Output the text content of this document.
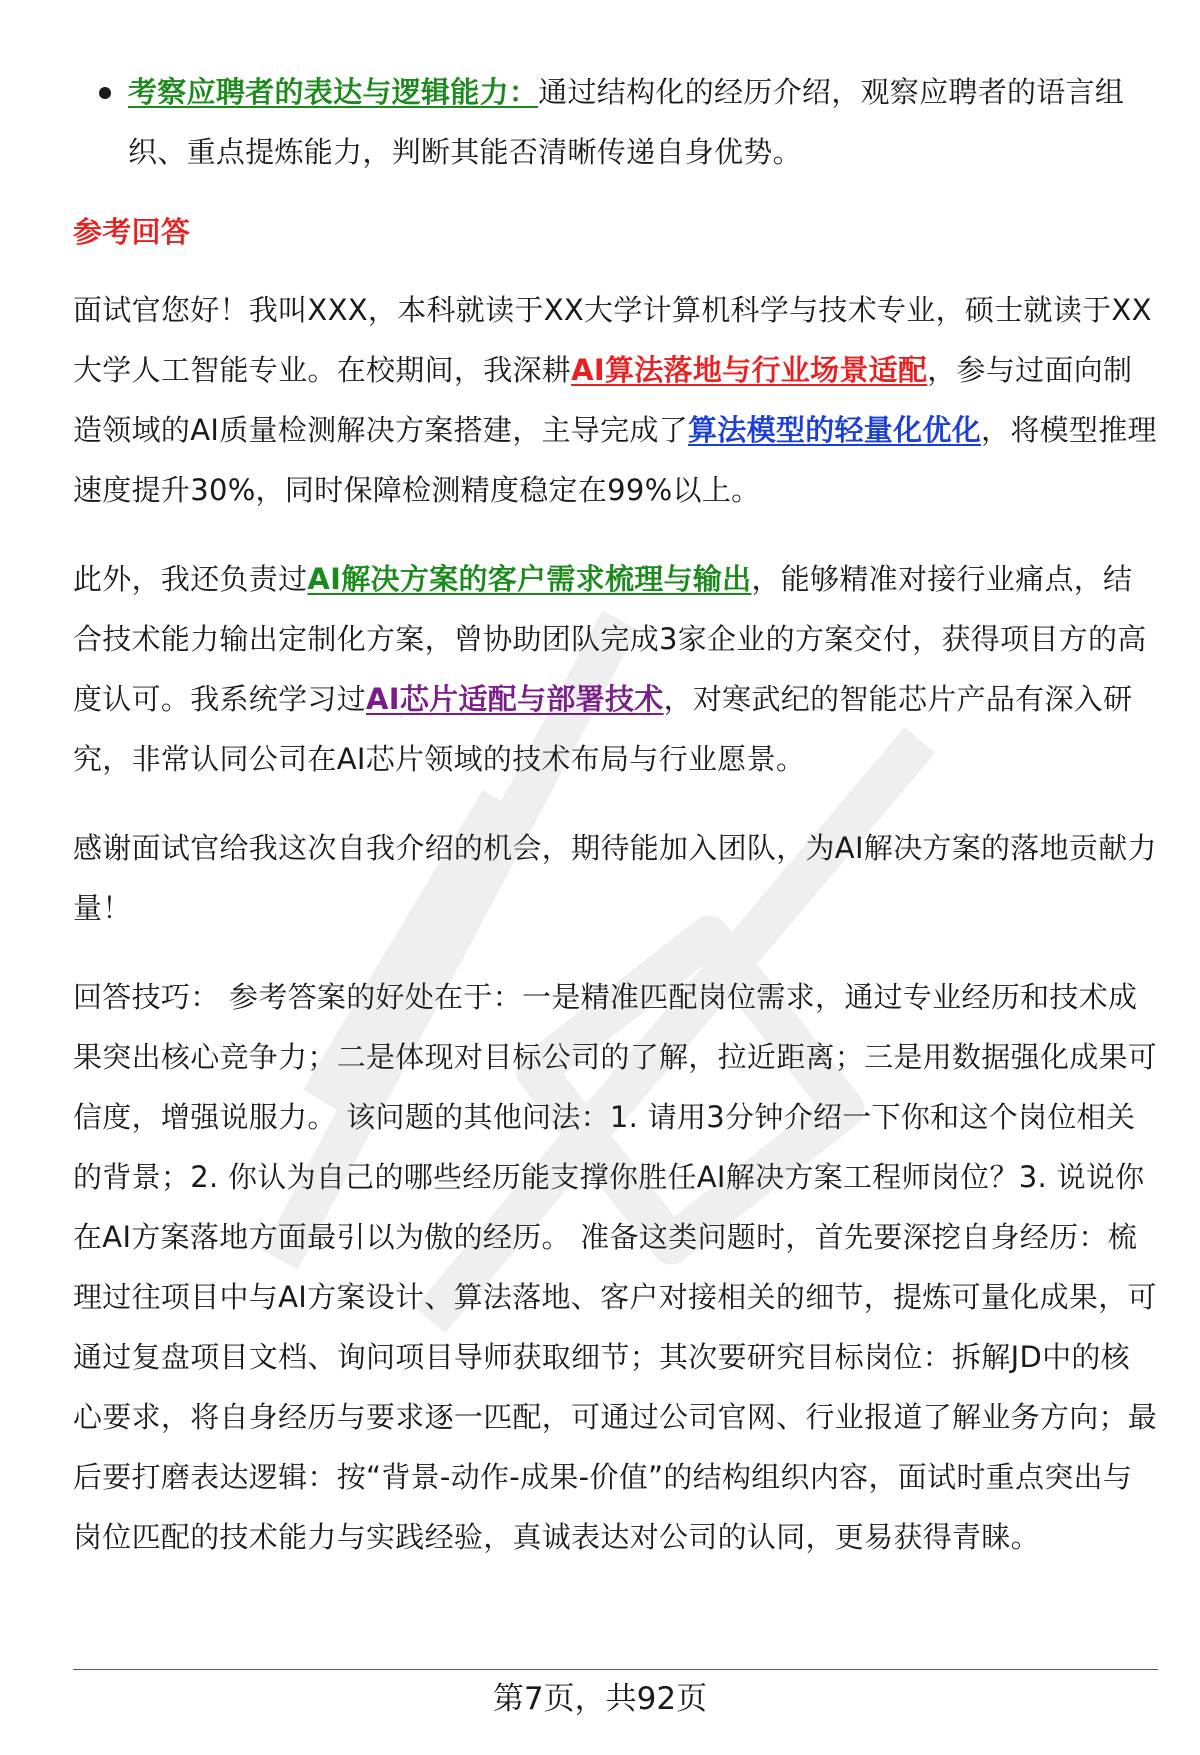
考察应聘者的表达与逻辑能力：通过结构化的经历介绍，观察应聘者的语言组织、重点提炼能力，判断其能否清晰传递自身优势。
参考回答

面试官您好！我叫XXX，本科就读于XX大学计算机科学与技术专业，硕士就读于XX大学人工智能专业。在校期间，我深耕AI算法落地与行业场景适配，参与过面向制造领域的AI质量检测解决方案搭建，主导完成了算法模型的轻量化优化，将模型推理速度提升30%，同时保障检测精度稳定在99%以上。

此外，我还负责过AI解决方案的客户需求梳理与输出，能够精准对接行业痛点，结合技术能力输出定制化方案，曾协助团队完成3家企业的方案交付，获得项目方的高度认可。我系统学习过AI芯片适配与部署技术，对寒武纪的智能芯片产品有深入研究，非常认同公司在AI芯片领域的技术布局与行业愿景。

感谢面试官给我这次自我介绍的机会，期待能加入团队，为AI解决方案的落地贡献力量！

回答技巧： 参考答案的好处在于：一是精准匹配岗位需求，通过专业经历和技术成果突出核心竞争力；二是体现对目标公司的了解，拉近距离；三是用数据强化成果可信度，增强说服力。 该问题的其他问法：1. 请用3分钟介绍一下你和这个岗位相关的背景；2. 你认为自己的哪些经历能支撑你胜任AI解决方案工程师岗位？3. 说说你在AI方案落地方面最引以为傲的经历。 准备这类问题时，首先要深挖自身经历：梳理过往项目中与AI方案设计、算法落地、客户对接相关的细节，提炼可量化成果，可通过复盘项目文档、询问项目导师获取细节；其次要研究目标岗位：拆解JD中的核心要求，将自身经历与要求逐一匹配，可通过公司官网、行业报道了解业务方向；最后要打磨表达逻辑：按“背景-动作-成果-价值”的结构组织内容，面试时重点突出与岗位匹配的技术能力与实践经验，真诚表达对公司的认同，更易获得青睐。

第7页，共92页
